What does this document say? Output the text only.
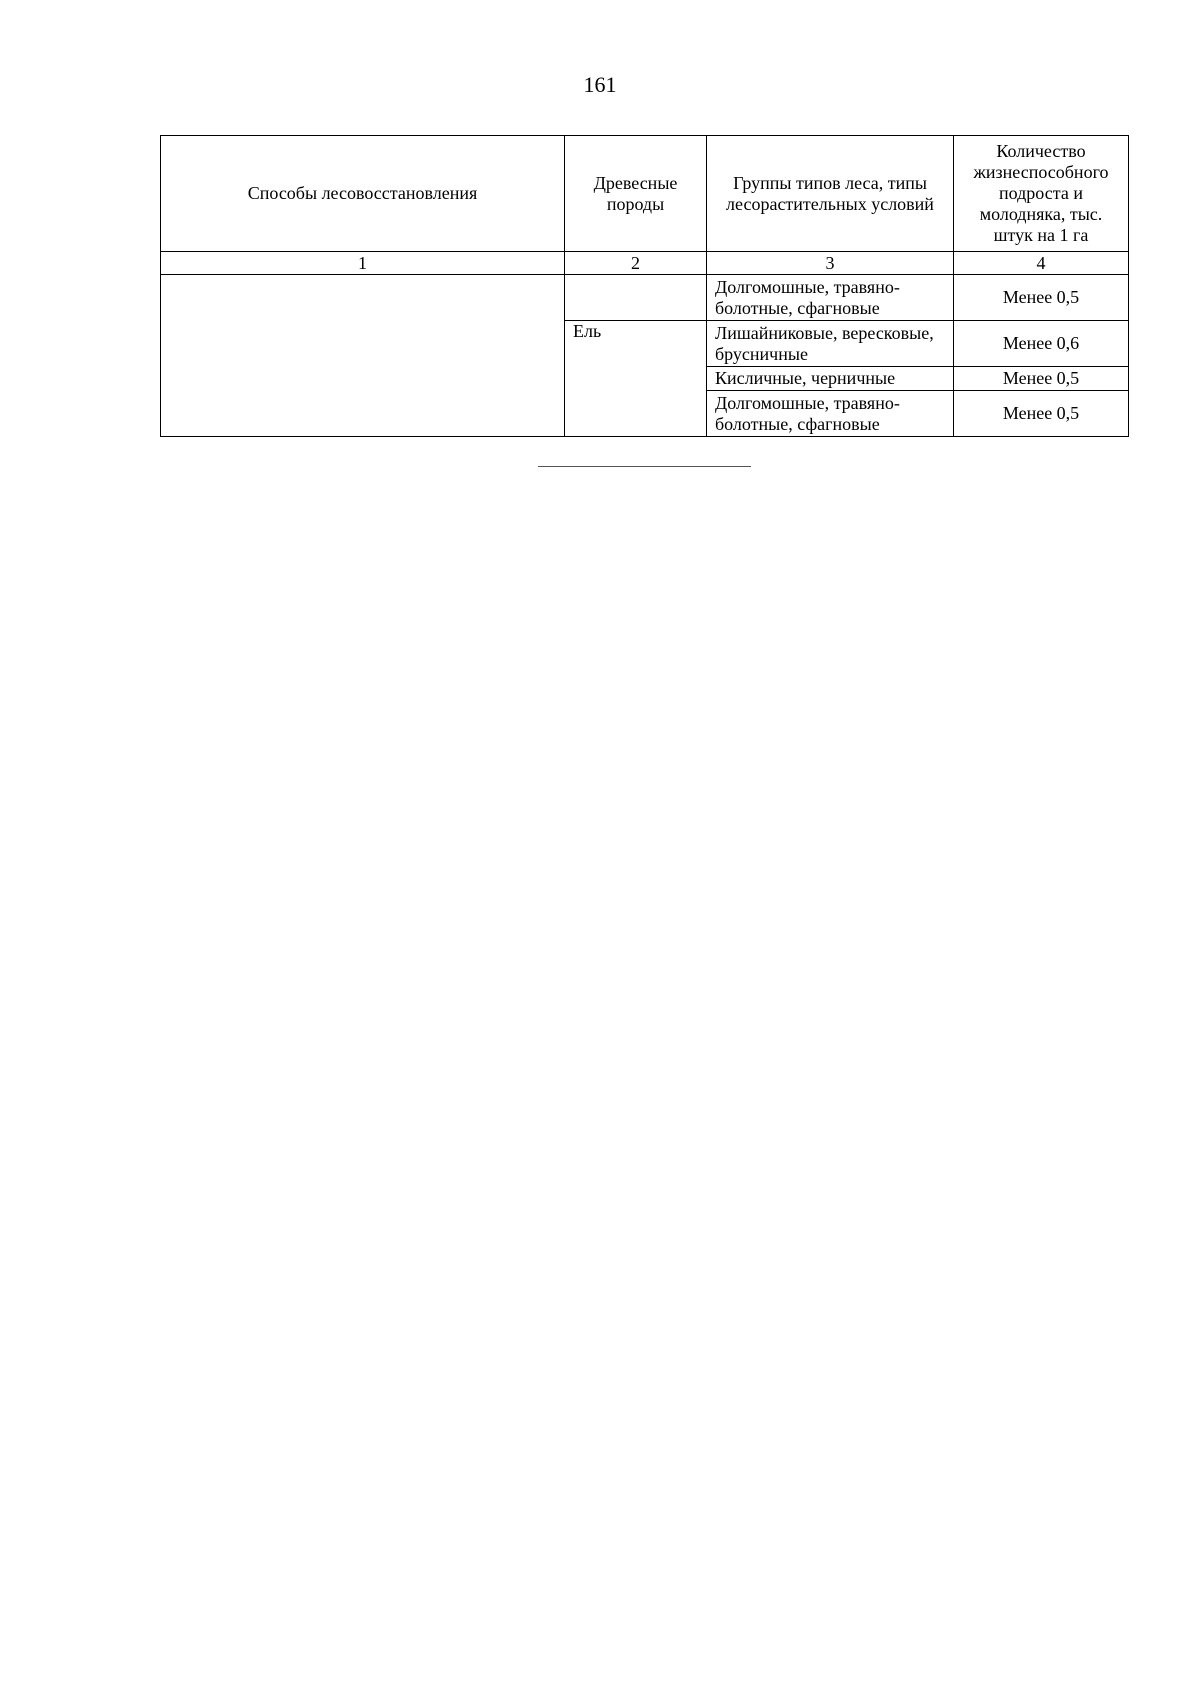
161
Способы лесовосстановления	Древесные породы	Группы типов леса, типы лесорастительных условий	Количество жизнеспособного подроста и молодняка, тыс. штук на 1 га
1	2	3	4
		Долгомошные, травяно-болотные, сфагновые	Менее 0,5
	Ель	Лишайниковые, вересковые, брусничные	Менее 0,6
		Кисличные, черничные	Менее 0,5
		Долгомошные, травяно-болотные, сфагновые	Менее 0,5
